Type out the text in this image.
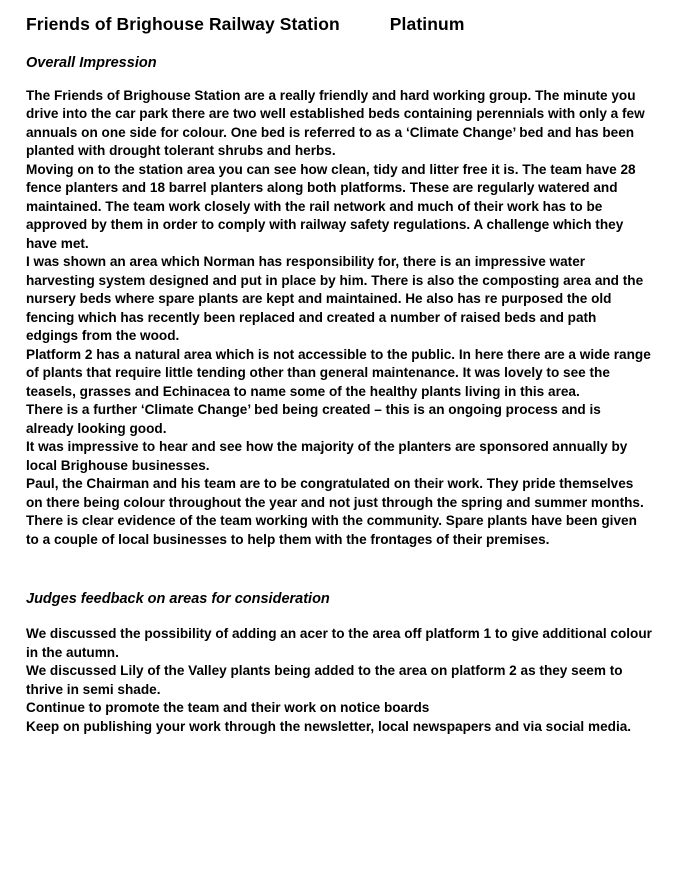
Friends of Brighouse Railway Station	Platinum
Overall Impression

The Friends of Brighouse Station are a really friendly and hard working group. The minute you drive into the car park there are two well established beds containing perennials with only a few annuals on one side for colour. One bed is referred to as a ‘Climate Change’ bed and has been planted with drought tolerant shrubs and herbs.

Moving on to the station area you can see how clean, tidy and litter free it is. The team have 28 fence planters and 18 barrel planters along both platforms. These are regularly watered and maintained. The team work closely with the rail network and much of their work has to be approved by them in order to comply with railway safety regulations. A challenge which they have met.

I was shown an area which Norman has responsibility for, there is an impressive water harvesting system designed and put in place by him. There is also the composting area and the nursery beds where spare plants are kept and maintained. He also has re purposed the old fencing which has recently been replaced and created a number of raised beds and path edgings from the wood.

Platform 2 has a natural area which is not accessible to the public. In here there are a wide range of plants that require little tending other than general maintenance. It was lovely to see the teasels, grasses and Echinacea to name some of the healthy plants living in this area.

There is a further ‘Climate Change’ bed being created – this is an ongoing process and is already looking good.

It was impressive to hear and see how the majority of the planters are sponsored annually by local Brighouse businesses.

Paul, the Chairman and his team are to be congratulated on their work. They pride themselves on there being colour throughout the year and not just through the spring and summer months.

There is clear evidence of the team working with the community. Spare plants have been given to a couple of local businesses to help them with the frontages of their premises.

Judges feedback on areas for consideration

We discussed the possibility of adding an acer to the area off platform 1 to give additional colour in the autumn.

We discussed Lily of the Valley plants being added to the area on platform 2 as they seem to thrive in semi shade.

Continue to promote the team and their work on notice boards

Keep on publishing your work through the newsletter, local newspapers and via social media.
